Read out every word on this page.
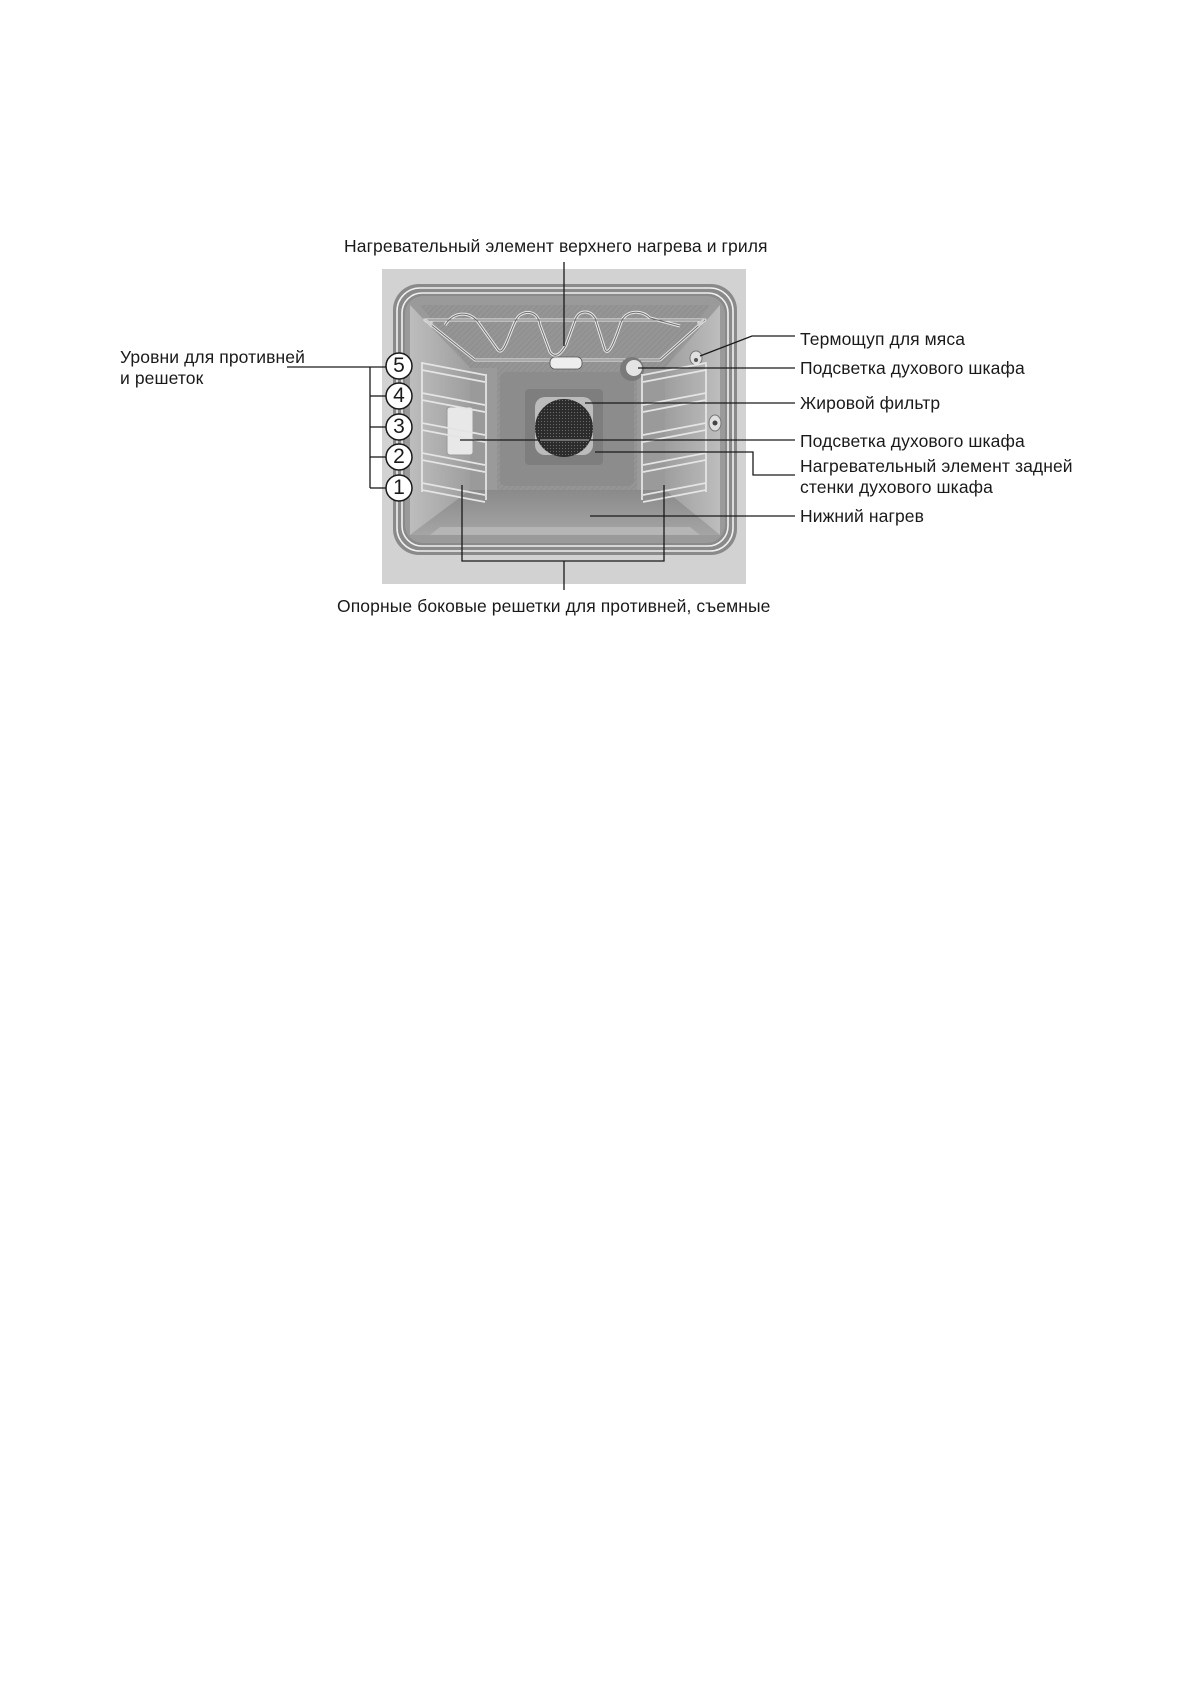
5
4
3
2
1
Нагревательный элемент верхнего нагрева и гриля
Уровни для противней
и решеток
Термощуп для мяса
Подсветка духового шкафа
Жировой фильтр
Подсветка духового шкафа
Нагревательный элемент задней
стенки духового шкафа
Нижний нагрев
Опорные боковые решетки для противней, съемные
